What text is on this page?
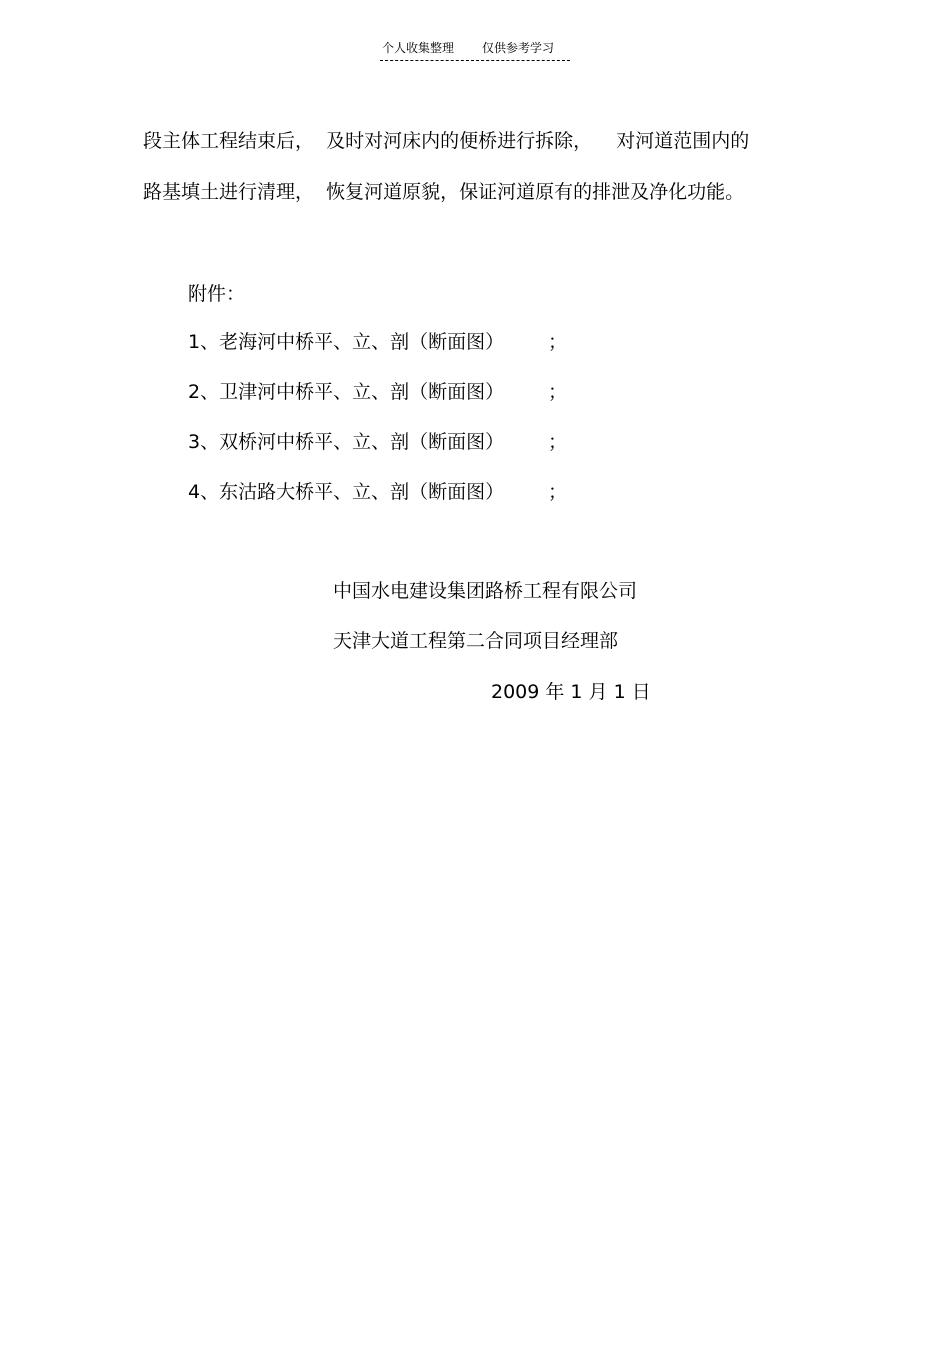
个人收集整理 仅供参考学习
段主体工程结束后，  及时对河床内的便桥进行拆除，    对河道范围内的
路基填土进行清理，  恢复河道原貌，保证河道原有的排泄及净化功能。
附件：
1、老海河中桥平、立、剖（断面图） ；
2、卫津河中桥平、立、剖（断面图） ；
3、双桥河中桥平、立、剖（断面图） ；
4、东沽路大桥平、立、剖（断面图） ；
中国水电建设集团路桥工程有限公司
天津大道工程第二合同项目经理部
2009 年 1 月 1 日
